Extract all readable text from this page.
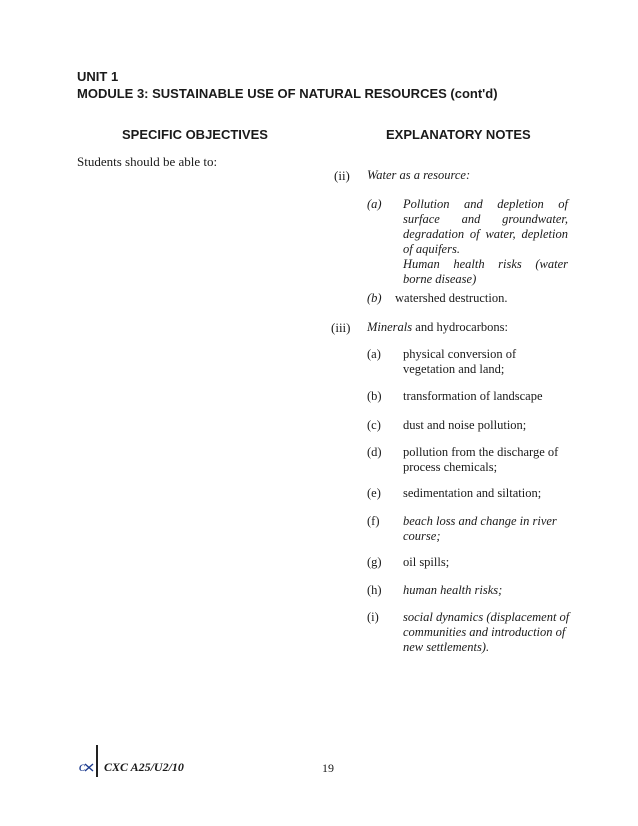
UNIT 1
MODULE 3: SUSTAINABLE USE OF NATURAL RESOURCES (cont'd)
SPECIFIC OBJECTIVES	EXPLANATORY NOTES
Students should be able to:
(ii) Water as a resource:
(a) Pollution and depletion of surface and groundwater, degradation of water, depletion of aquifers.
Human health risks (water borne disease)
(b) watershed destruction.
(iii) Minerals and hydrocarbons:
(a) physical conversion of vegetation and land;
(b) transformation of landscape
(c) dust and noise pollution;
(d) pollution from the discharge of process chemicals;
(e) sedimentation and siltation;
(f) beach loss and change in river course;
(g) oil spills;
(h) human health risks;
(i) social dynamics (displacement of communities and introduction of new settlements).
C CXC A25/U2/10	19
